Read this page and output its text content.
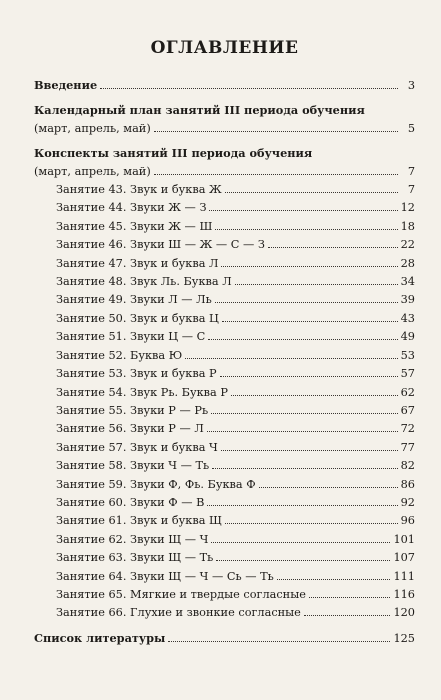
ОГЛАВЛЕНИЕ
Введение	3
Календарный план занятий III периода обучения
(март, апрель, май)	5
Конспекты занятий III периода обучения
(март, апрель, май)	7
Занятие 43. Звук и буква Ж	7
Занятие 44. Звуки Ж — З	12
Занятие 45. Звуки Ж — Ш	18
Занятие 46. Звуки Ш — Ж — С — З	22
Занятие 47. Звук и буква Л	28
Занятие 48. Звук Ль. Буква Л	34
Занятие 49. Звуки Л — Ль	39
Занятие 50. Звук и буква Ц	43
Занятие 51. Звуки Ц — С	49
Занятие 52. Буква Ю	53
Занятие 53. Звук и буква Р	57
Занятие 54. Звук Рь. Буква Р	62
Занятие 55. Звуки Р — Рь	67
Занятие 56. Звуки Р — Л	72
Занятие 57. Звук и буква Ч	77
Занятие 58. Звуки Ч — Ть	82
Занятие 59. Звуки Ф, Фь. Буква Ф	86
Занятие 60. Звуки Ф — В	92
Занятие 61. Звук и буква Щ	96
Занятие 62. Звуки Щ — Ч	101
Занятие 63. Звуки Щ — Ть	107
Занятие 64. Звуки Щ — Ч — Сь — Ть	111
Занятие 65. Мягкие и твердые согласные	116
Занятие 66. Глухие и звонкие согласные	120
Список литературы	125
